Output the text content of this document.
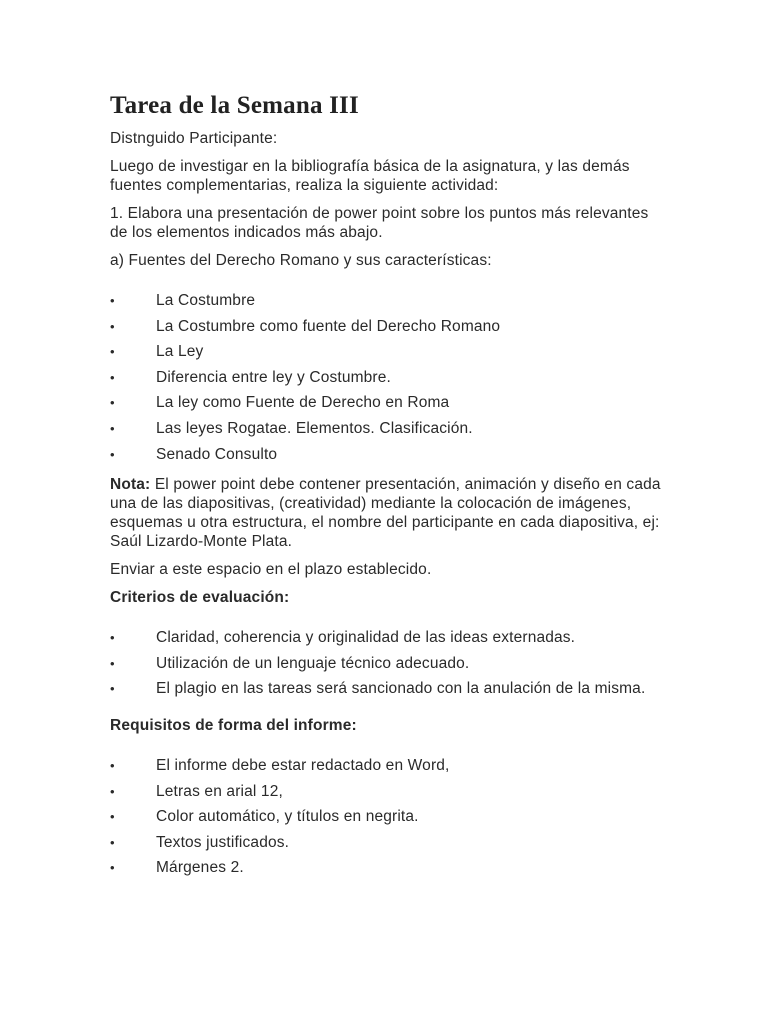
Tarea de la Semana III

Distnguido Participante:

Luego de investigar en la bibliografía básica de la asignatura, y las demás fuentes complementarias, realiza la siguiente actividad:

1. Elabora una presentación de power point sobre los puntos más relevantes de los elementos indicados más abajo.

a) Fuentes del Derecho Romano y sus características:

• La Costumbre
• La Costumbre como fuente del Derecho Romano
• La Ley
• Diferencia entre ley y Costumbre.
• La ley como Fuente de Derecho en Roma
• Las leyes Rogatae. Elementos. Clasificación.
• Senado Consulto

Nota: El power point debe contener presentación, animación y diseño en cada una de las diapositivas, (creatividad) mediante la colocación de imágenes, esquemas u otra estructura, el nombre del participante en cada diapositiva, ej: Saúl Lizardo-Monte Plata.

Enviar a este espacio en el plazo establecido.

Criterios de evaluación:

• Claridad, coherencia y originalidad de las ideas externadas.
• Utilización de un lenguaje técnico adecuado.
• El plagio en las tareas será sancionado con la anulación de la misma.

Requisitos de forma del informe:

• El informe debe estar redactado en Word,
• Letras en arial 12,
• Color automático, y títulos en negrita.
• Textos justificados.
• Márgenes 2.
